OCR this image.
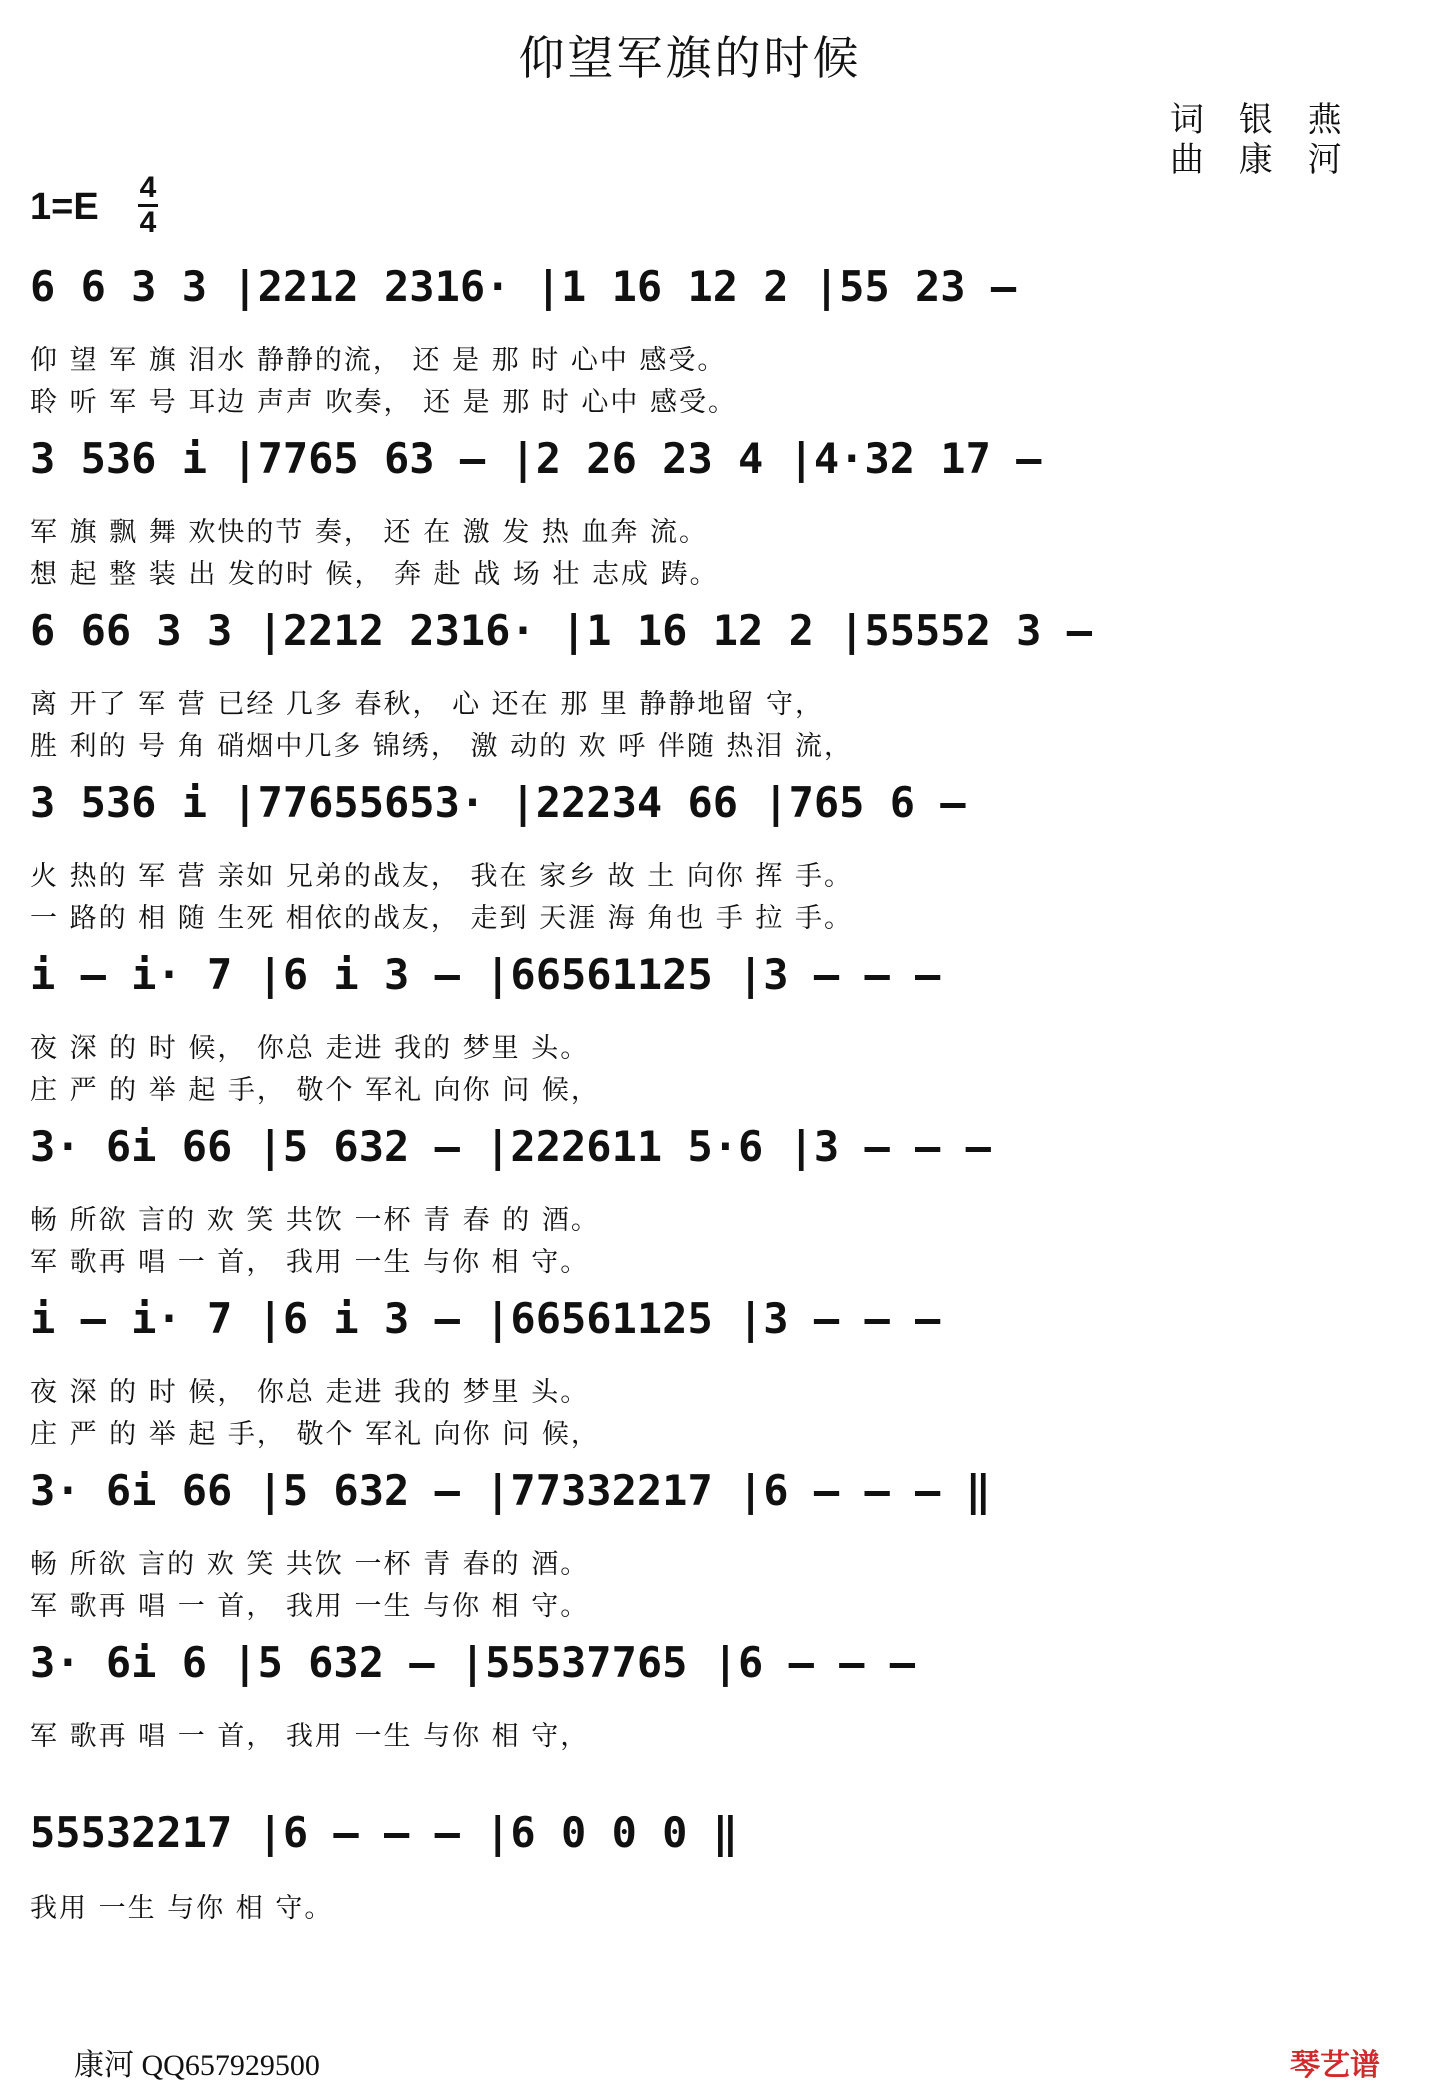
仰望军旗的时候
词 银 燕
曲 康 河
1=E 4
4
6 6 3 3 |2212 2316· |1 16 12 2 |55 23 –
仰 望 军 旗 泪水 静静的流， 还 是 那 时 心中 感受。
聆 听 军 号 耳边 声声 吹奏， 还 是 那 时 心中 感受。
3 536 i |7765 63 – |2 26 23 4 |4·32 17 –
军 旗 飘 舞 欢快的节 奏， 还 在 激 发 热 血奔 流。
想 起 整 装 出 发的时 候， 奔 赴 战 场 壮 志成 踌。
6 66 3 3 |2212 2316· |1 16 12 2 |55552 3 –
离 开了 军 营 已经 几多 春秋， 心 还在 那 里 静静地留 守，
胜 利的 号 角 硝烟中几多 锦绣， 激 动的 欢 呼 伴随 热泪 流，
3 536 i |77655653· |22234 66 |765 6 –
火 热的 军 营 亲如 兄弟的战友， 我在 家乡 故 土 向你 挥 手。
一 路的 相 随 生死 相依的战友， 走到 天涯 海 角也 手 拉 手。
i – i· 7 |6 i 3 – |66561125 |3 – – –
夜 深 的 时 候， 你总 走进 我的 梦里 头。
庄 严 的 举 起 手， 敬个 军礼 向你 问 候，
3· 6i 66 |5 632 – |222611 5·6 |3 – – –
畅 所欲 言的 欢 笑 共饮 一杯 青 春 的 酒。
军 歌再 唱 一 首， 我用 一生 与你 相 守。
i – i· 7 |6 i 3 – |66561125 |3 – – –
夜 深 的 时 候， 你总 走进 我的 梦里 头。
庄 严 的 举 起 手， 敬个 军礼 向你 问 候，
3· 6i 66 |5 632 – |77332217 |6 – – – ‖
畅 所欲 言的 欢 笑 共饮 一杯 青 春的 酒。
军 歌再 唱 一 首， 我用 一生 与你 相 守。
3· 6i 6 |5 632 – |55537765 |6 – – –
军 歌再 唱 一 首， 我用 一生 与你 相 守，
55532217 |6 – – – |6 0 0 0 ‖
我用 一生 与你 相 守。
康河 QQ657929500	琴艺谱
